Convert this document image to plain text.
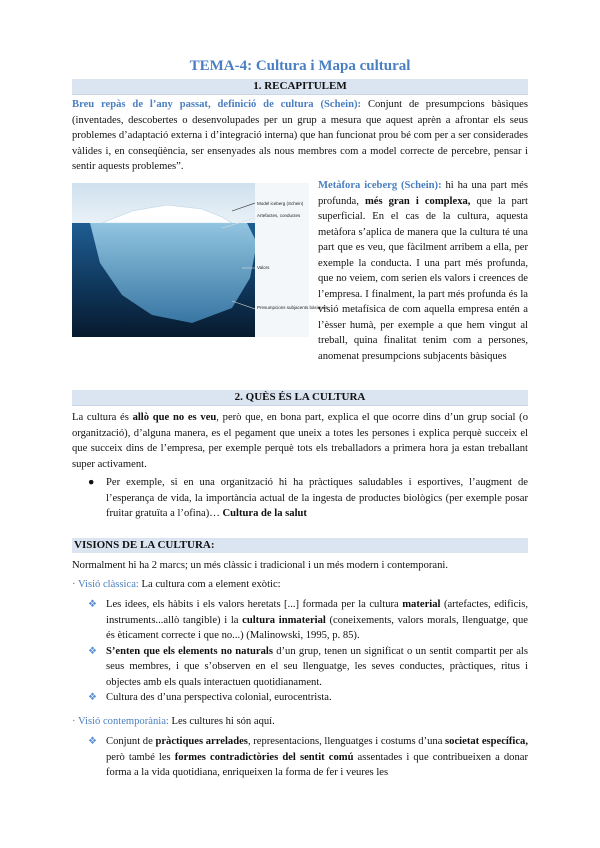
TEMA-4: Cultura i Mapa cultural
1. RECAPITULEM
Breu repàs de l’any passat, definició de cultura (Schein): Conjunt de presumpcions bàsiques (inventades, descobertes o desenvolupades per un grup a mesura que aquest aprèn a afrontar els seus problemes d’adaptació externa i d’integració interna) que han funcionat prou bé com per a ser considerades vàlides i, en conseqüència, ser ensenyades als nous membres com a model correcte de percebre, pensar i sentir aquests problemes”.
Model iceberg (Schein)
Artefactes, conductes
Valors
Presumpcions subjacents bàsiques
Metàfora iceberg (Schein): hi ha una part més profunda, més gran i complexa, que la part superficial. En el cas de la cultura, aquesta metàfora s’aplica de manera que la cultura té una part que es veu, que fàcilment arribem a ella, per exemple la conducta. I una part més profunda, que no veiem, com serien els valors i creences de l’empresa. I finalment, la part més profunda és la visió metafísica de com aquella empresa entén a l’èsser humà, per exemple a que hem vingut al treball, quina finalitat tenim com a persones, anomenat presumpcions subjacents bàsiques
2. QUÈS ÉS LA CULTURA
La cultura és allò que no es veu, però que, en bona part, explica el que ocorre dins d’un grup social (o organització), d’alguna manera, es el pegament que uneix a totes les persones i explica perquè succeix el que succeix dins de l’empresa, per exemple perquè tots els treballadors a primera hora ja estan treballant super activament.

● Per exemple, si en una organització hi ha pràctiques saludables i esportives, l’augment de l’esperança de vida, la importància actual de la ingesta de productes biològics (per exemple posar fruitar gratuïta a l’ofina)… Cultura de la salut

VISIONS DE LA CULTURA:
Normalment hi ha 2 marcs; un més clàssic i tradicional i un més modern i contemporani.
· Visió clàssica: La cultura com a element exòtic:

❖ Les idees, els hàbits i els valors heretats [...] formada per la cultura material (artefactes, edificis, instruments...allò tangible) i la cultura inmaterial (coneixements, valors morals, llenguatge, que és èticament correcte i que no...) (Malinowski, 1995, p. 85).

❖ S’enten que els elements no naturals d’un grup, tenen un significat o un sentit compartit per als seus membres, i que s’observen en el seu llenguatge, les seves conductes, pràctiques, ritus i objectes amb els quals interactuen quotidianament.

❖ Cultura des d’una perspectiva colonial, eurocentrista.

· Visió contemporània: Les cultures hi són aquí.

❖ Conjunt de pràctiques arrelades, representacions, llenguatges i costums d’una societat específica, però també les formes contradictòries del sentit comú assentades i que contribueixen a donar forma a la vida quotidiana, enriqueixen la forma de fer i veures les
